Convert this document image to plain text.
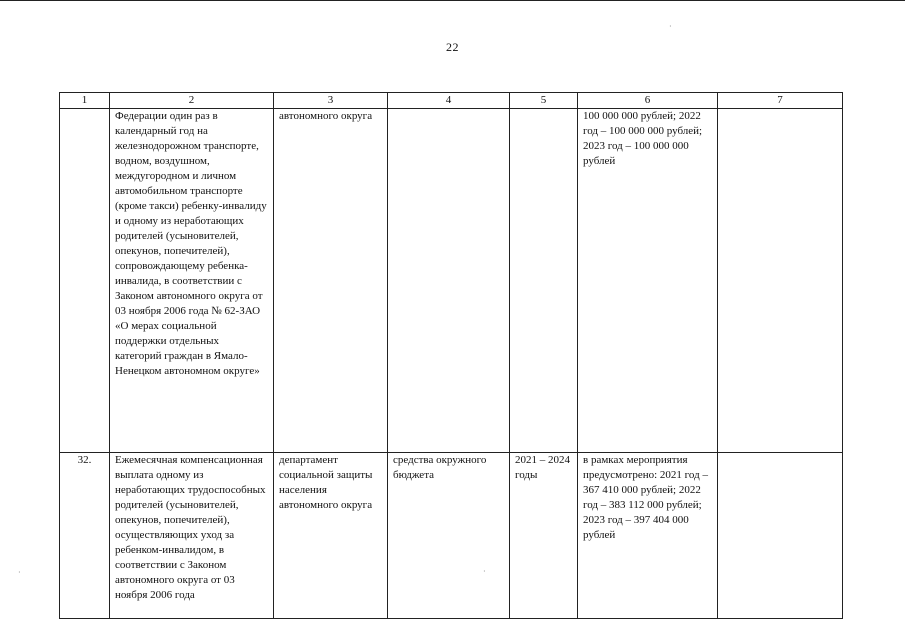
22
1	2	3	4	5	6	7
	Федерации один раз в календарный год на железнодорожном транспорте, водном, воздушном, междугородном и личном автомобильном транспорте (кроме такси) ребенку-инвалиду и одному из неработающих родителей (усыновителей, опекунов, попечителей), сопровождающему ребенка-инвалида, в соответствии с Законом автономного округа от 03 ноября 2006 года № 62-ЗАО «О мерах социальной поддержки отдельных категорий граждан в Ямало-Ненецком автономном округе»	автономного округа			100 000 000 рублей; 2022 год – 100 000 000 рублей; 2023 год – 100 000 000 рублей	
32.	Ежемесячная компенсационная выплата одному из неработающих трудоспособных родителей (усыновителей, опекунов, попечителей), осуществляющих уход за ребенком-инвалидом, в соответствии с Законом автономного округа от 03 ноября 2006 года	департамент социальной защиты населения автономного округа	средства окружного бюджета	2021 – 2024 годы	в рамках мероприятия предусмотрено: 2021 год – 367 410 000 рублей; 2022 год – 383 112 000 рублей; 2023 год – 397 404 000 рублей	
·
·	·
